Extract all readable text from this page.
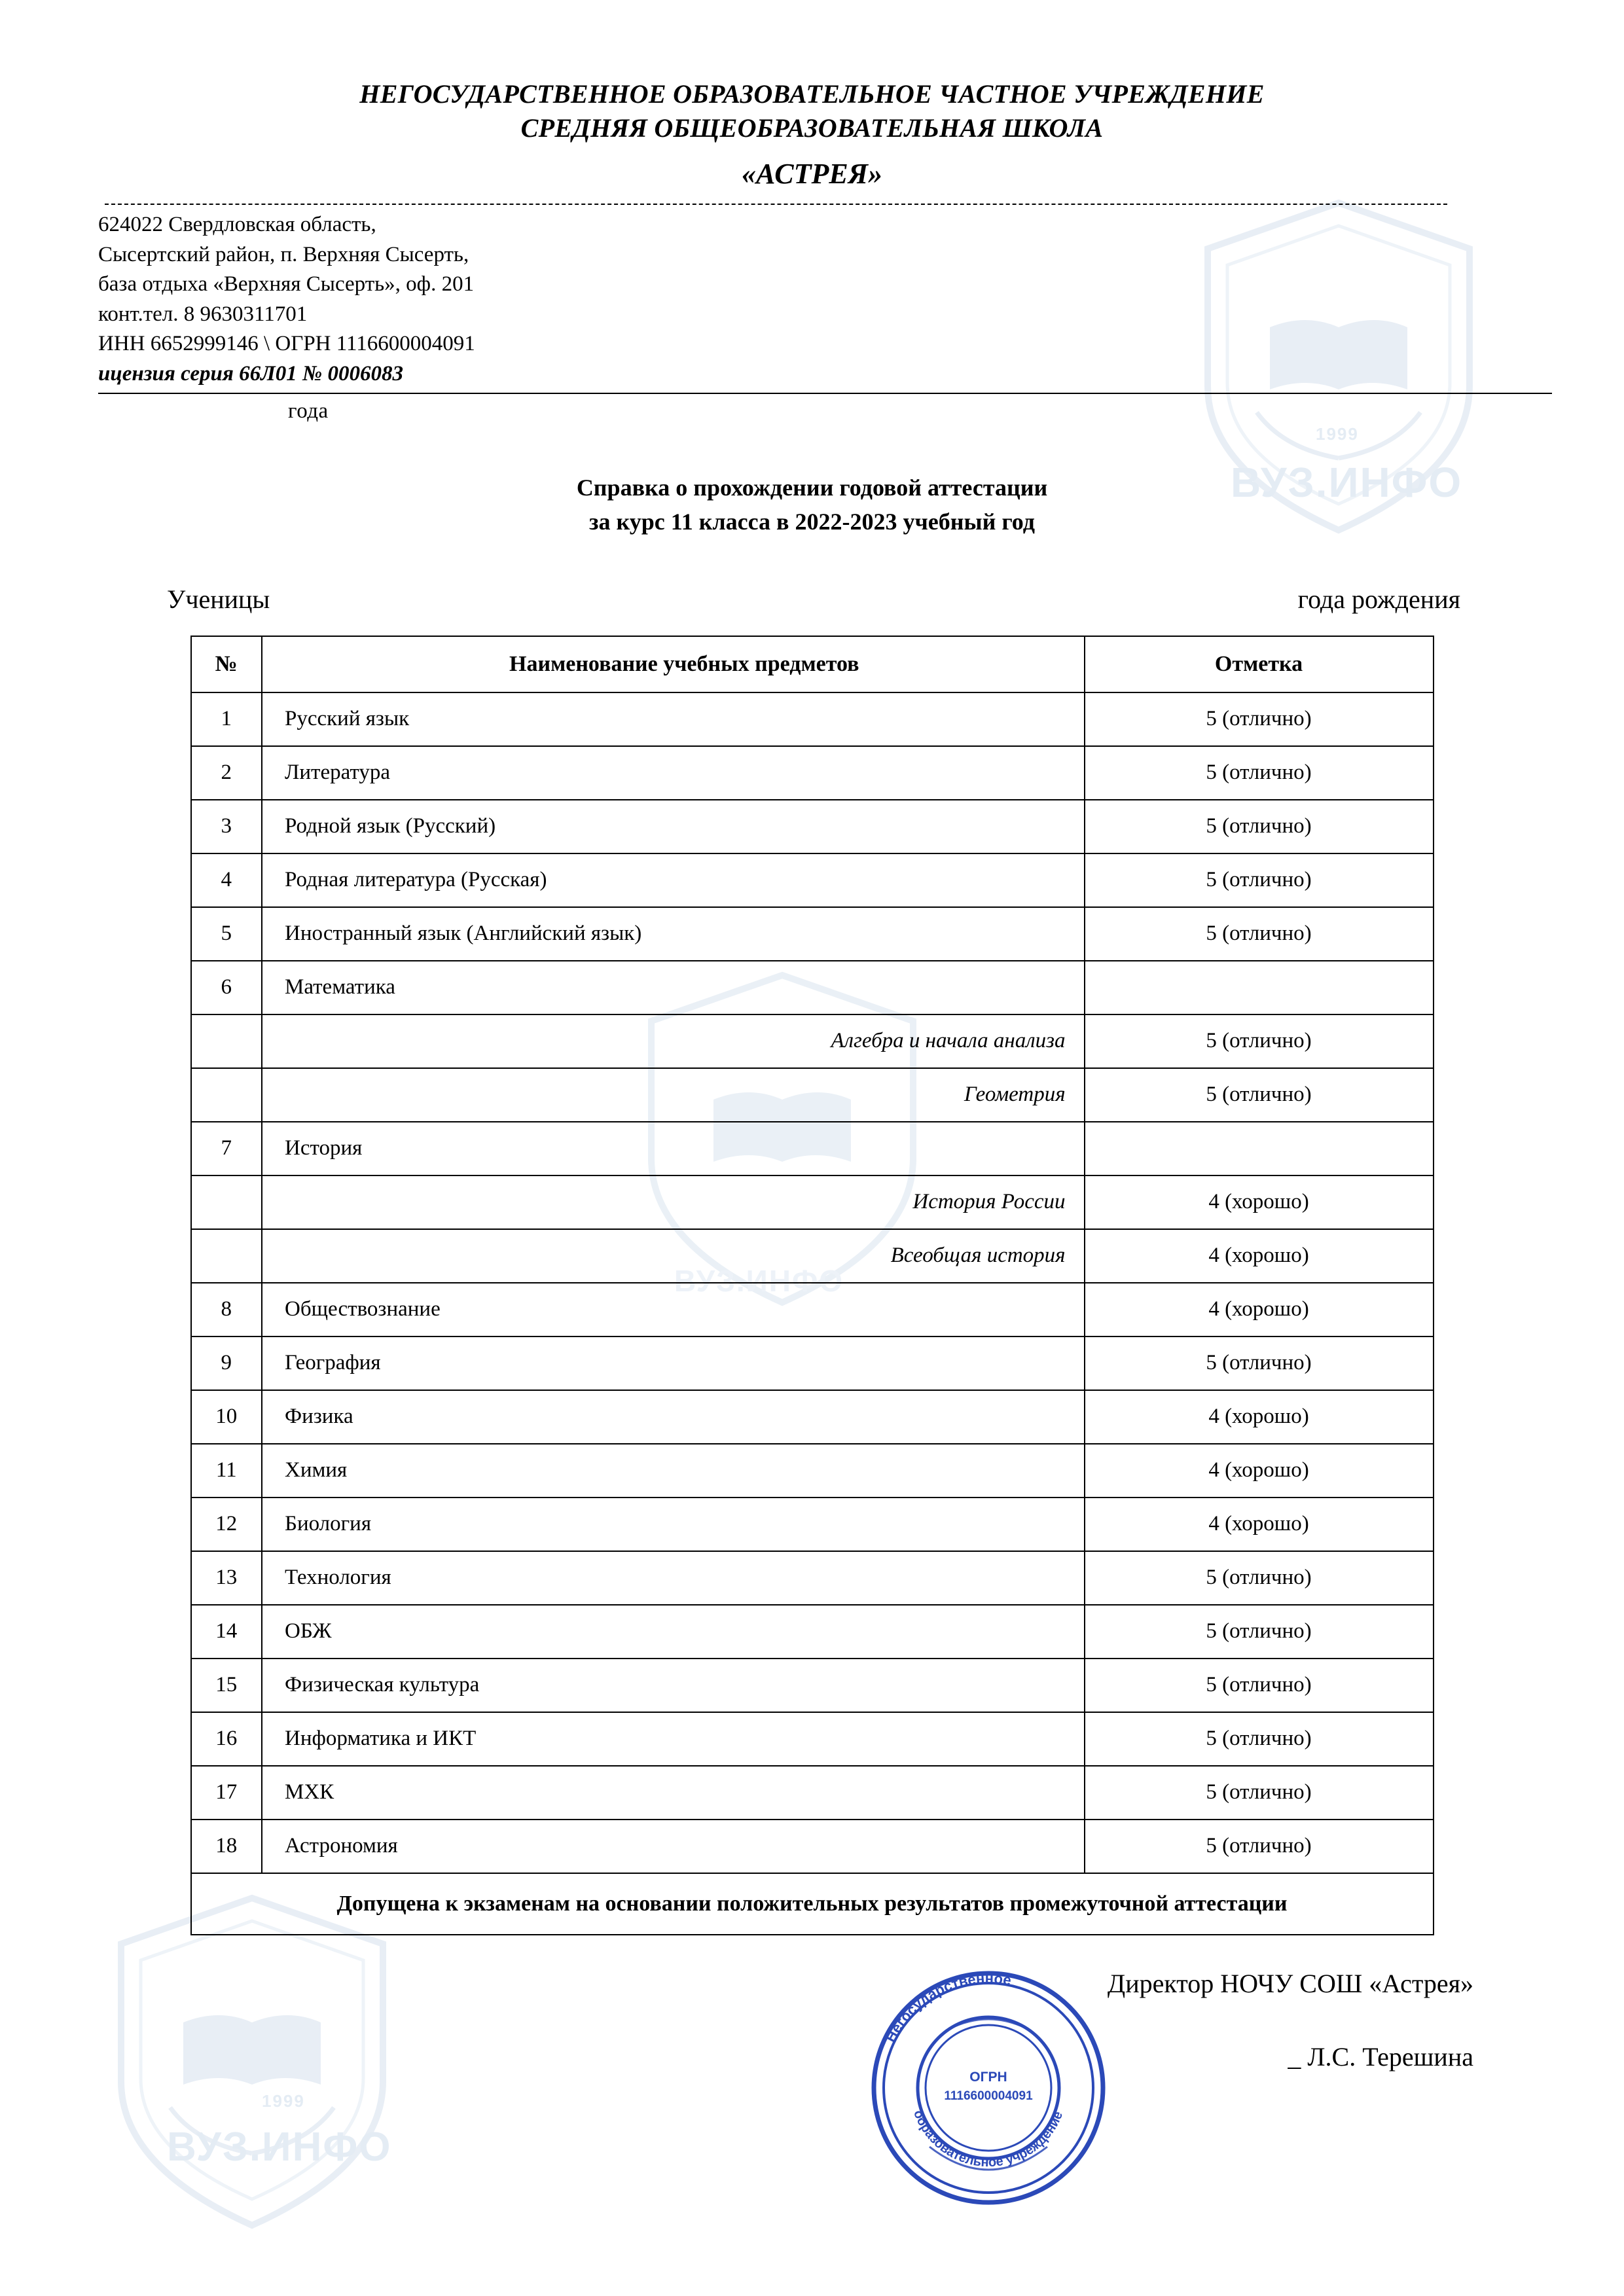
ВУЗ.ИНФО
1999
ВУЗ.ИНФО
ВУЗ.ИНФО
1999
НЕГОСУДАРСТВЕННОЕ ОБРАЗОВАТЕЛЬНОЕ ЧАСТНОЕ УЧРЕЖДЕНИЕ
СРЕДНЯЯ ОБЩЕОБРАЗОВАТЕЛЬНАЯ ШКОЛА
«АСТРЕЯ»
624022 Свердловская область,
Сысертский район, п. Верхняя Сысерть,
база отдыха «Верхняя Сысерть», оф. 201
конт.тел. 8 9630311701
ИНН 6652999146 \ ОГРН 1116600004091
ицензия серия 66Л01 № 0006083
года
Справка о прохождении годовой аттестации
за курс 11 класса в 2022-2023 учебный год
Ученицы	года рождения
№	Наименование учебных предметов	Отметка
1	Русский язык	5 (отлично)
2	Литература	5 (отлично)
3	Родной язык (Русский)	5 (отлично)
4	Родная литература (Русская)	5 (отлично)
5	Иностранный язык (Английский язык)	5 (отлично)
6	Математика	
	Алгебра и начала анализа	5 (отлично)
	Геометрия	5 (отлично)
7	История	
	История России	4 (хорошо)
	Всеобщая история	4 (хорошо)
8	Обществознание	4 (хорошо)
9	География	5 (отлично)
10	Физика	4 (хорошо)
11	Химия	4 (хорошо)
12	Биология	4 (хорошо)
13	Технология	5 (отлично)
14	ОБЖ	5 (отлично)
15	Физическая культура	5 (отлично)
16	Информатика и ИКТ	5 (отлично)
17	МХК	5 (отлично)
18	Астрономия	5 (отлично)
Допущена к экзаменам на основании положительных результатов промежуточной аттестации		
Директор НОЧУ СОШ «Астрея»
_ Л.С. Терешина
Негосударственное
образовательное учреждение
ОГРН
1116600004091
